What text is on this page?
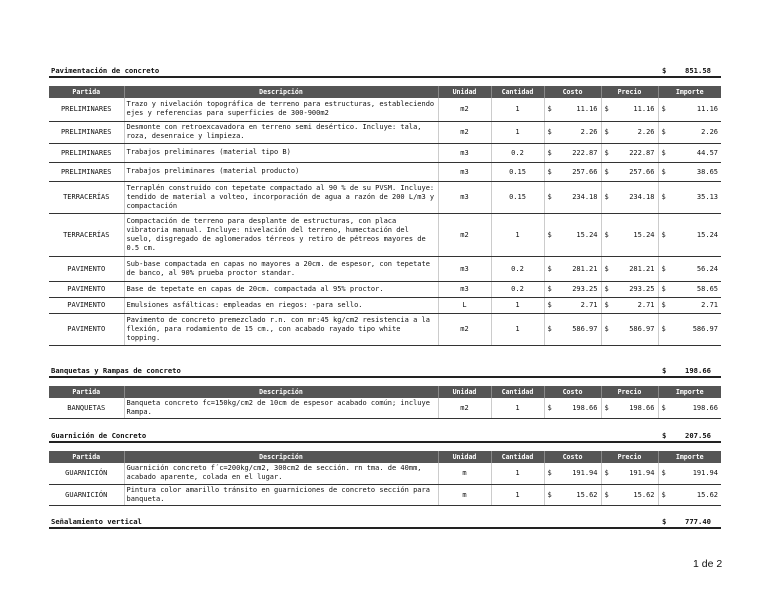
Pavimentación de concreto	$	851.58
Partida	Descripción	Unidad	Cantidad	Costo	Precio	Importe
PRELIMINARES	Trazo y nivelación topográfica de terreno para estructuras, estableciendo ejes y referencias para superficies de 300-900m2	m2	1	$ 11.16	$ 11.16	$ 11.16

PRELIMINARES	Desmonte con retroexcavadora en terreno semi desértico. Incluye: tala, roza, desenraice y limpieza.	m2	1	$ 2.26	$ 2.26	$ 2.26

PRELIMINARES	Trabajos preliminares (material tipo B)	m3	0.2	$ 222.87	$ 222.87	$ 44.57

PRELIMINARES	Trabajos preliminares (material producto)	m3	0.15	$ 257.66	$ 257.66	$ 38.65

TERRACERÍAS	Terraplén construido con tepetate compactado al 90 % de su PVSM. Incluye: tendido de material a volteo, incorporación de agua a razón de 200 L/m3 y compactación	m3	0.15	$ 234.18	$ 234.18	$ 35.13

TERRACERÍAS	Compactación de terreno para desplante de estructuras, con placa vibratoria manual. Incluye: nivelación del terreno, humectación del suelo, disgregado de aglomerados térreos y retiro de pétreos mayores de 0.5 cm.	m2	1	$ 15.24	$ 15.24	$ 15.24

PAVIMENTO	Sub-base compactada en capas no mayores a 20cm. de espesor, con tepetate de banco, al 90% prueba proctor standar.	m3	0.2	$ 281.21	$ 281.21	$ 56.24

PAVIMENTO	Base de tepetate en capas de 20cm. compactada al 95% proctor.	m3	0.2	$ 293.25	$ 293.25	$ 58.65

PAVIMENTO	Emulsiones asfálticas: empleadas en riegos: -para sello.	L	1	$ 2.71	$ 2.71	$ 2.71

PAVIMENTO	Pavimento de concreto premezclado r.n. con mr:45 kg/cm2 resistencia a la flexión, para rodamiento de 15 cm., con acabado rayado tipo white topping.	m2	1	$ 586.97	$ 586.97	$ 586.97
Banquetas y Rampas de concreto	$	198.66
Partida	Descripción	Unidad	Cantidad	Costo	Precio	Importe
BANQUETAS	Banqueta concreto fc=150kg/cm2 de 10cm de espesor acabado común; incluye Rampa.	m2	1	$ 198.66	$ 198.66	$ 198.66
Guarnición de Concreto	$	207.56
Partida	Descripción	Unidad	Cantidad	Costo	Precio	Importe
GUARNICIÓN	Guarnición concreto f´c=200kg/cm2, 300cm2 de sección. rn tma. de 40mm, acabado aparente, colada en el lugar.	m	1	$ 191.94	$ 191.94	$ 191.94

GUARNICIÓN	Pintura color amarillo tránsito en guarniciones de concreto sección para banqueta.	m	1	$ 15.62	$ 15.62	$ 15.62
Señalamiento vertical	$	777.40
1 de 2
